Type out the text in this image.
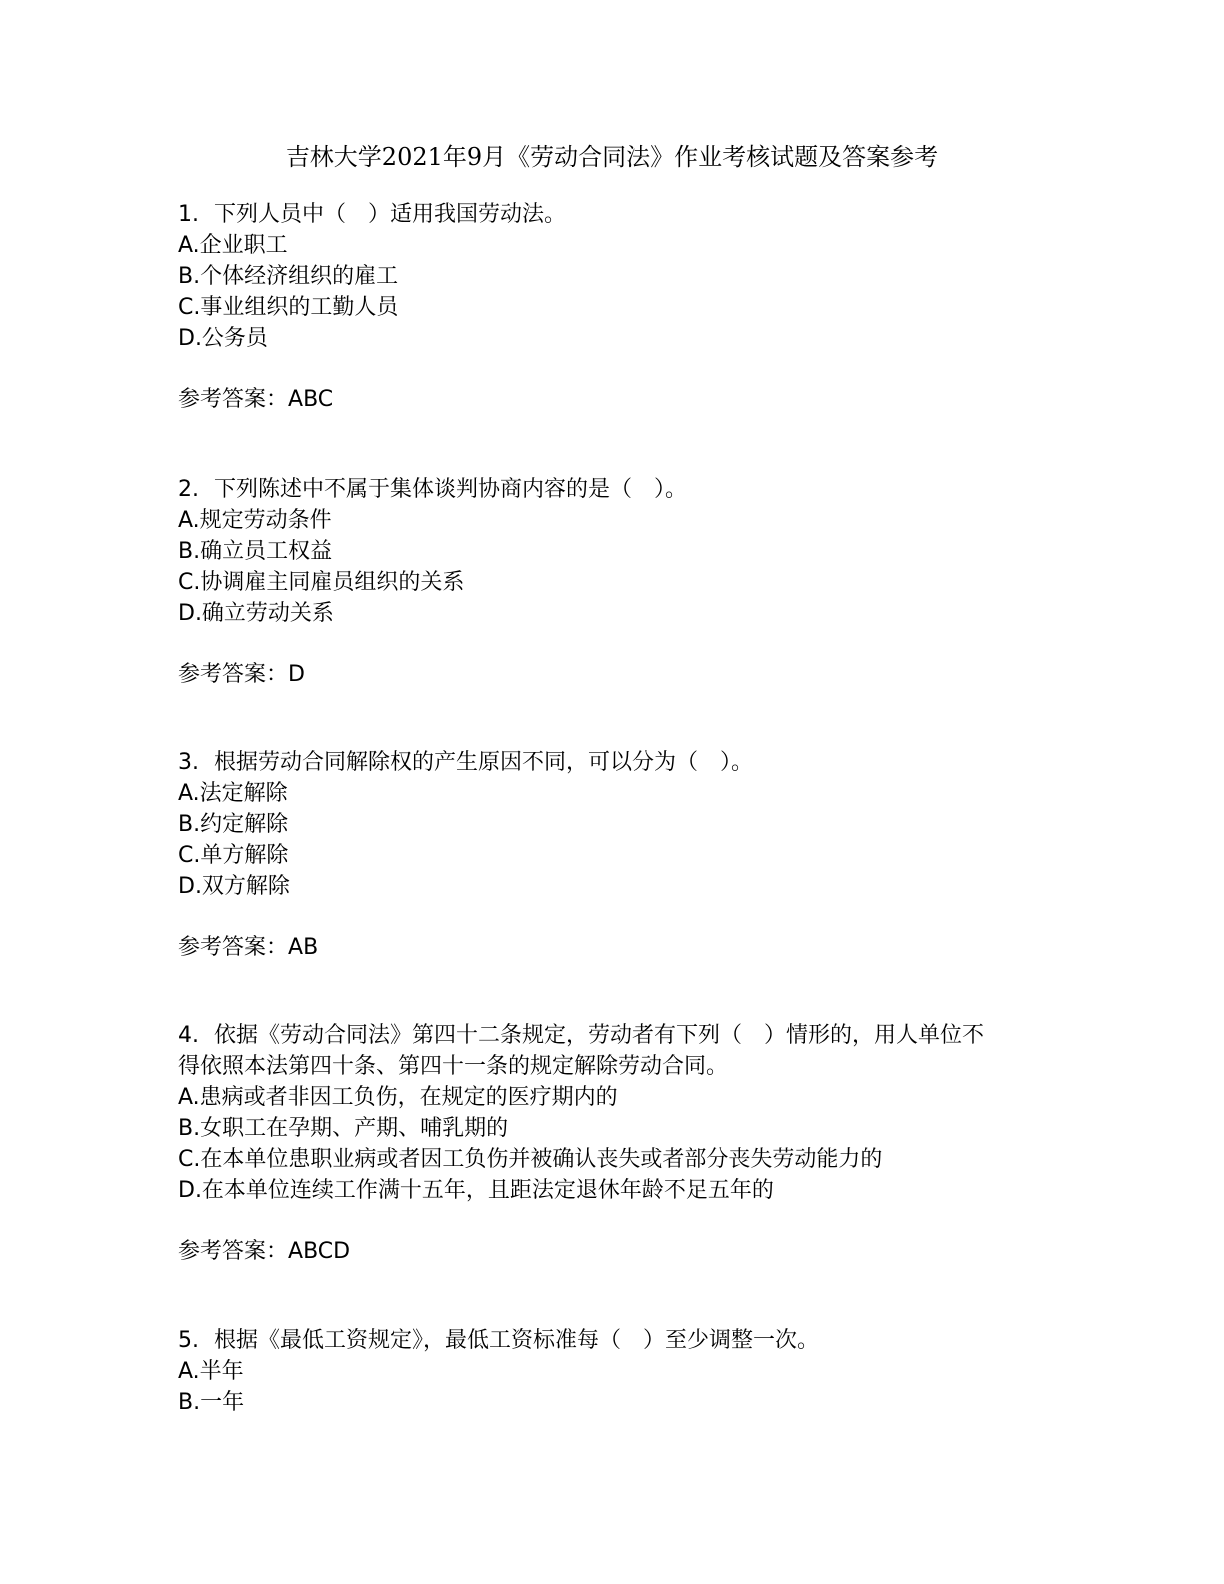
吉林大学2021年9月《劳动合同法》作业考核试题及答案参考

1. 下列人员中（　）适用我国劳动法。

A.企业职工

B.个体经济组织的雇工

C.事业组织的工勤人员

D.公务员

参考答案：ABC

2. 下列陈述中不属于集体谈判协商内容的是（　）。

A.规定劳动条件

B.确立员工权益

C.协调雇主同雇员组织的关系

D.确立劳动关系

参考答案：D

3. 根据劳动合同解除权的产生原因不同，可以分为（　）。

A.法定解除

B.约定解除

C.单方解除

D.双方解除

参考答案：AB

4. 依据《劳动合同法》第四十二条规定，劳动者有下列（　）情形的，用人单位不
得依照本法第四十条、第四十一条的规定解除劳动合同。

A.患病或者非因工负伤，在规定的医疗期内的

B.女职工在孕期、产期、哺乳期的

C.在本单位患职业病或者因工负伤并被确认丧失或者部分丧失劳动能力的

D.在本单位连续工作满十五年，且距法定退休年龄不足五年的

参考答案：ABCD

5. 根据《最低工资规定》，最低工资标准每（　）至少调整一次。

A.半年

B.一年
